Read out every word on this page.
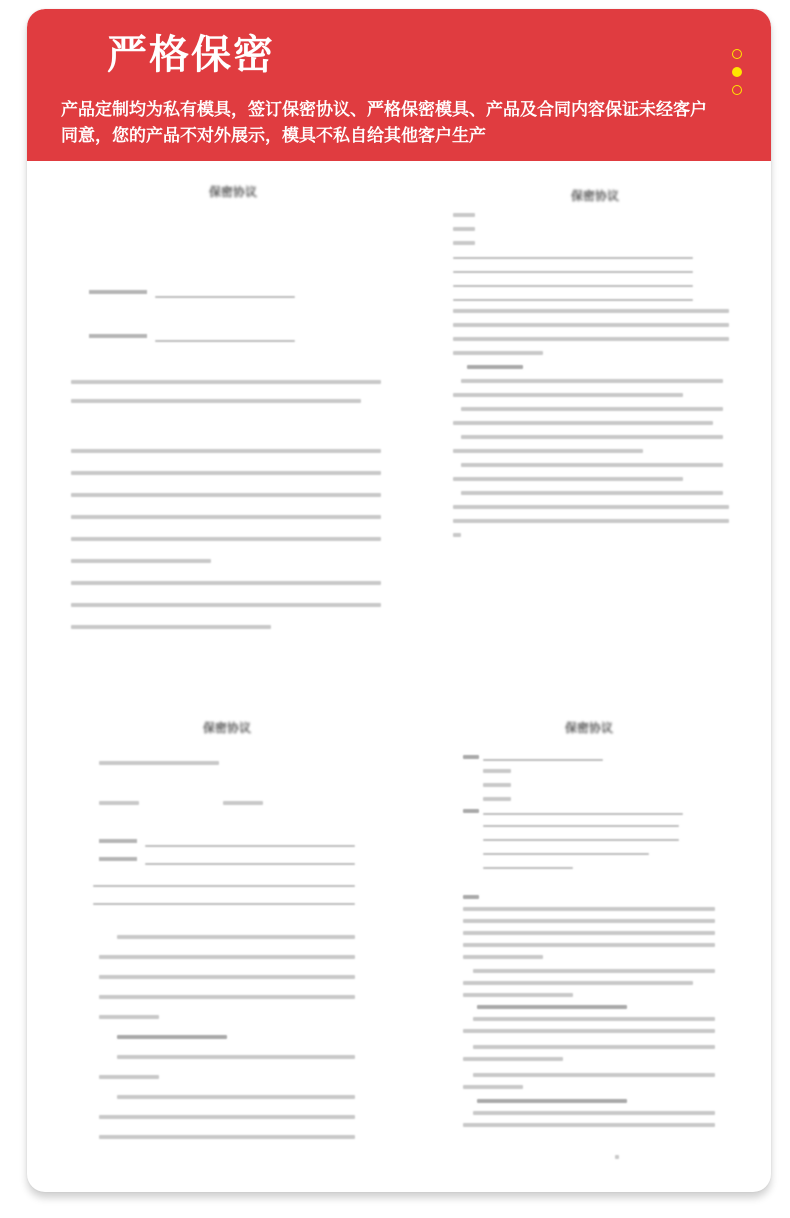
严格保密
产品定制均为私有模具，签订保密协议、严格保密模具、产品及合同内容保证未经客户同意，您的产品不对外展示，模具不私自给其他客户生产
保密协议	保密协议
保密协议	保密协议
